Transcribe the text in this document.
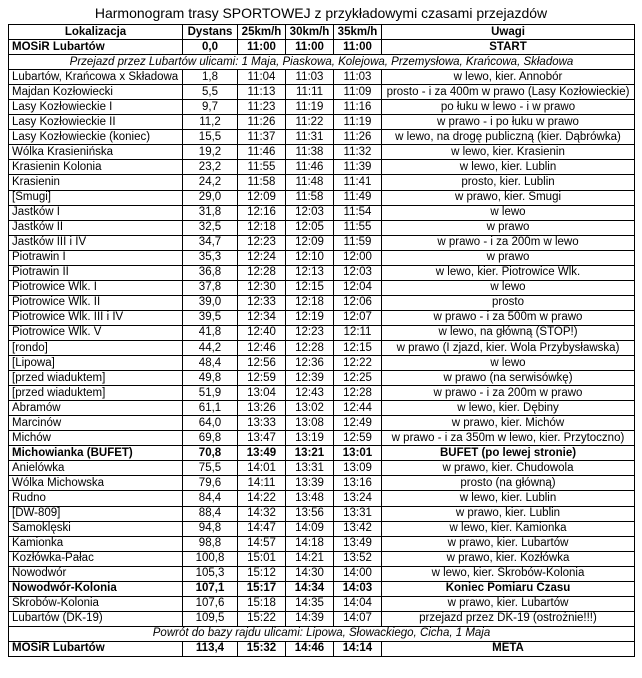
Harmonogram trasy SPORTOWEJ z przykładowymi czasami przejazdów
Lokalizacja	Dystans	25km/h	30km/h	35km/h	Uwagi
MOSiR Lubartów	0,0	11:00	11:00	11:00	START
Przejazd przez Lubartów ulicami: 1 Maja, Piaskowa, Kolejowa, Przemysłowa, Krańcowa, Składowa					
Lubartów, Krańcowa x Składowa	1,8	11:04	11:03	11:03	w lewo, kier. Annobór
Majdan Kozłowiecki	5,5	11:13	11:11	11:09	prosto - i za 400m w prawo (Lasy Kozłowieckie)
Lasy Kozłowieckie I	9,7	11:23	11:19	11:16	po łuku w lewo - i w prawo
Lasy Kozłowieckie II	11,2	11:26	11:22	11:19	w prawo - i po łuku w prawo
Lasy Kozłowieckie (koniec)	15,5	11:37	11:31	11:26	w lewo, na drogę publiczną (kier. Dąbrówka)
Wólka Krasienińska	19,2	11:46	11:38	11:32	w lewo, kier. Krasienin
Krasienin Kolonia	23,2	11:55	11:46	11:39	w lewo, kier. Lublin
Krasienin	24,2	11:58	11:48	11:41	prosto, kier. Lublin
[Smugi]	29,0	12:09	11:58	11:49	w prawo, kier. Smugi
Jastków I	31,8	12:16	12:03	11:54	w lewo
Jastków II	32,5	12:18	12:05	11:55	w prawo
Jastków III i IV	34,7	12:23	12:09	11:59	w prawo - i za 200m w lewo
Piotrawin I	35,3	12:24	12:10	12:00	w prawo
Piotrawin II	36,8	12:28	12:13	12:03	w lewo, kier. Piotrowice Wlk.
Piotrowice Wlk. I	37,8	12:30	12:15	12:04	w lewo
Piotrowice Wlk. II	39,0	12:33	12:18	12:06	prosto
Piotrowice Wlk. III i IV	39,5	12:34	12:19	12:07	w prawo - i za 500m w prawo
Piotrowice Wlk. V	41,8	12:40	12:23	12:11	w lewo, na główną (STOP!)
[rondo]	44,2	12:46	12:28	12:15	w prawo (I zjazd, kier. Wola Przybysławska)
[Lipowa]	48,4	12:56	12:36	12:22	w lewo
[przed wiaduktem]	49,8	12:59	12:39	12:25	w prawo (na serwisówkę)
[przed wiaduktem]	51,9	13:04	12:43	12:28	w prawo - i za 200m w prawo
Abramów	61,1	13:26	13:02	12:44	w lewo, kier. Dębiny
Marcinów	64,0	13:33	13:08	12:49	w prawo, kier. Michów
Michów	69,8	13:47	13:19	12:59	w prawo - i za 350m w lewo, kier. Przytoczno)
Michowianka (BUFET)	70,8	13:49	13:21	13:01	BUFET (po lewej stronie)
Anielówka	75,5	14:01	13:31	13:09	w prawo, kier. Chudowola
Wólka Michowska	79,6	14:11	13:39	13:16	prosto (na główną)
Rudno	84,4	14:22	13:48	13:24	w lewo, kier. Lublin
[DW-809]	88,4	14:32	13:56	13:31	w prawo, kier. Lublin
Samoklęski	94,8	14:47	14:09	13:42	w lewo, kier. Kamionka
Kamionka	98,8	14:57	14:18	13:49	w prawo, kier. Lubartów
Kozłówka-Pałac	100,8	15:01	14:21	13:52	w prawo, kier. Kozłówka
Nowodwór	105,3	15:12	14:30	14:00	w lewo, kier. Skrobów-Kolonia
Nowodwór-Kolonia	107,1	15:17	14:34	14:03	Koniec Pomiaru Czasu
Skrobów-Kolonia	107,6	15:18	14:35	14:04	w prawo, kier. Lubartów
Lubartów (DK-19)	109,5	15:22	14:39	14:07	przejazd przez DK-19 (ostrożnie!!!)
Powrót do bazy rajdu ulicami: Lipowa, Słowackiego, Cicha, 1 Maja					
MOSiR Lubartów	113,4	15:32	14:46	14:14	META
